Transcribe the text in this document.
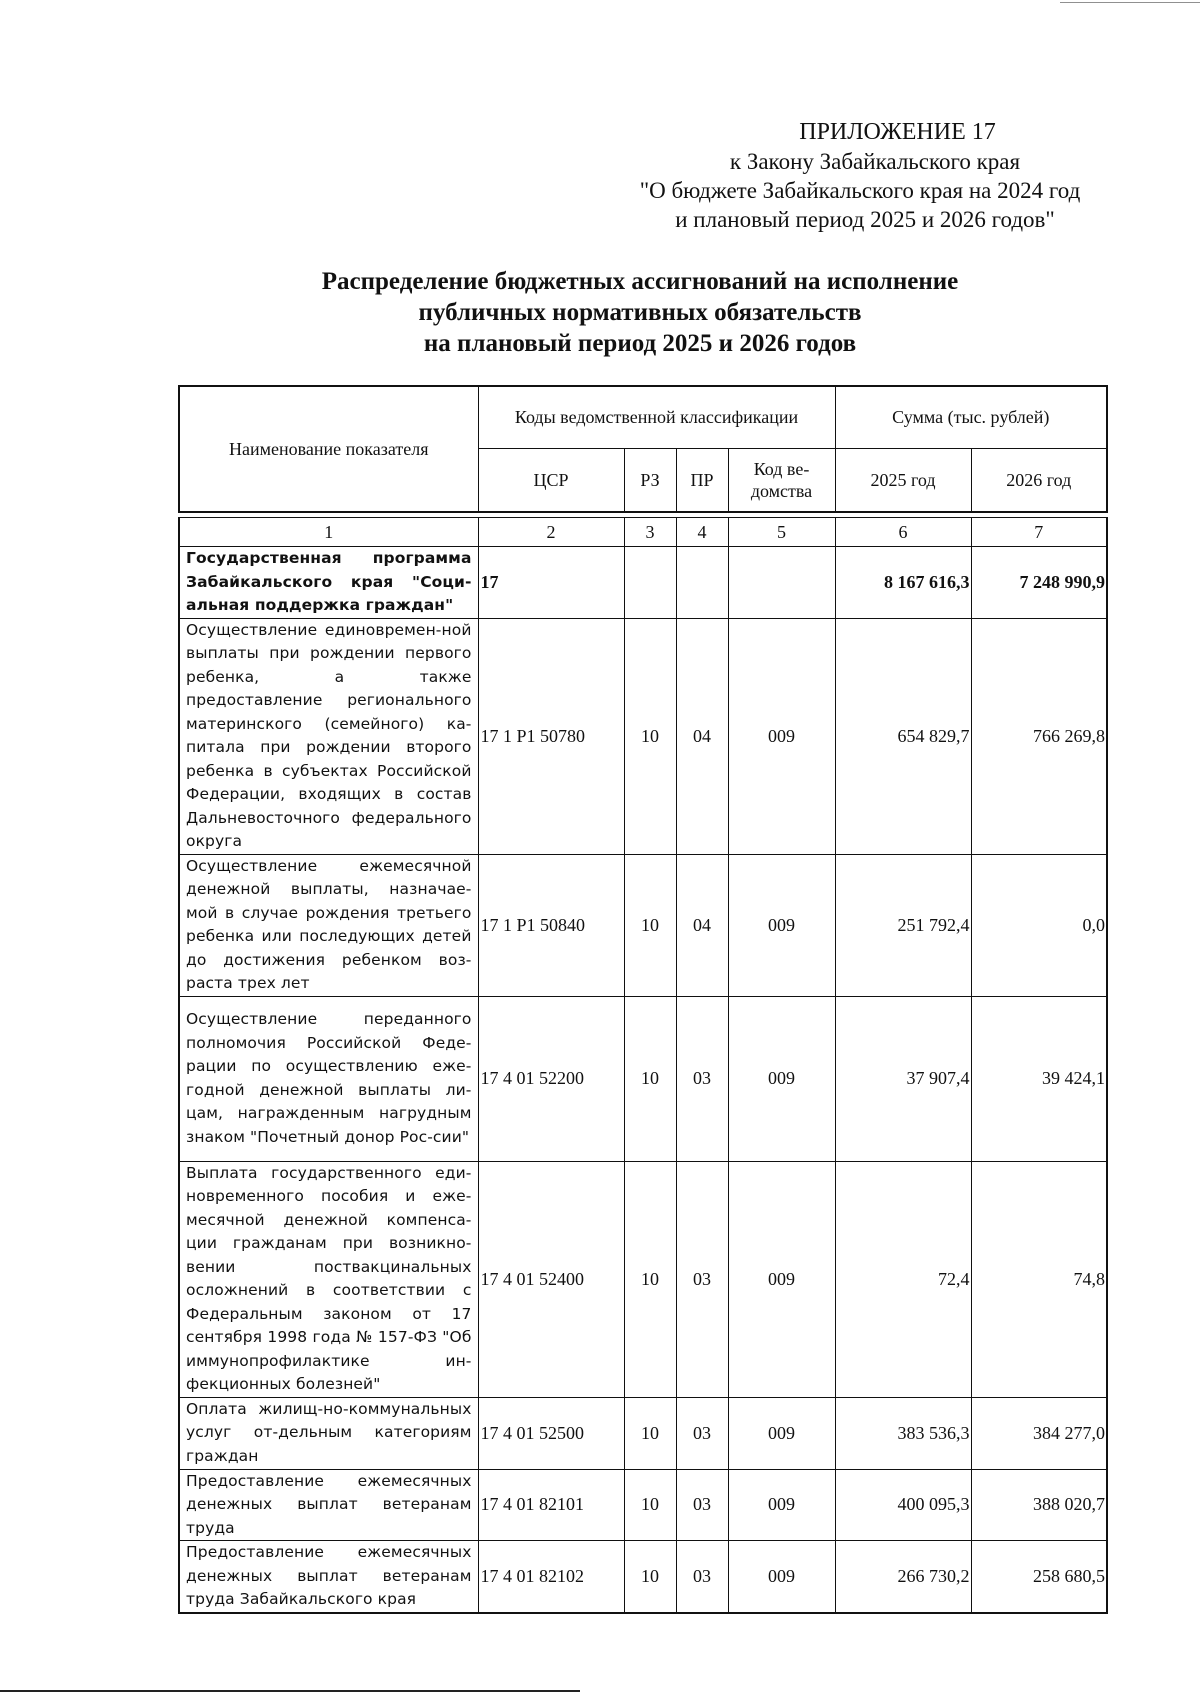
ПРИЛОЖЕНИЕ 17
к Закону Забайкальского края
"О бюджете Забайкальского края на 2024 год
и плановый период 2025 и 2026 годов"
Распределение бюджетных ассигнований на исполнение
публичных нормативных обязательств
на плановый период 2025 и 2026 годов
Наименование показателя	Коды ведомственной классификации				Сумма (тыс. рублей)	
	ЦСР	РЗ	ПР	Код ве-домства	2025 год	2026 год
1	2	3	4	5	6	7
Государственная программа Забайкальского края "Соци-альная поддержка граждан"	17				8 167 616,3	7 248 990,9
Осуществление единовремен-ной выплаты при рождении первого ребенка, а также предоставление регионального материнского (семейного) ка-питала при рождении второго ребенка в субъектах Российской Федерации, входящих в состав Дальневосточного федерального округа	17 1 P1 50780	10	04	009	654 829,7	766 269,8
Осуществление ежемесячной денежной выплаты, назначае-мой в случае рождения третьего ребенка или последующих детей до достижения ребенком воз-раста трех лет	17 1 P1 50840	10	04	009	251 792,4	0,0
Осуществление переданного полномочия Российской Феде-рации по осуществлению еже-годной денежной выплаты ли-цам, награжденным нагрудным знаком "Почетный донор Рос-сии"	17 4 01 52200	10	03	009	37 907,4	39 424,1
Выплата государственного еди-новременного пособия и еже-месячной денежной компенса-ции гражданам при возникно-вении поствакцинальных осложнений в соответствии с Федеральным законом от 17 сентября 1998 года № 157-ФЗ "Об иммунопрофилактике ин-фекционных болезней"	17 4 01 52400	10	03	009	72,4	74,8
Оплата жилищ-но-коммунальных услуг от-дельным категориям граждан	17 4 01 52500	10	03	009	383 536,3	384 277,0
Предоставление ежемесячных денежных выплат ветеранам труда	17 4 01 82101	10	03	009	400 095,3	388 020,7
Предоставление ежемесячных денежных выплат ветеранам труда Забайкальского края	17 4 01 82102	10	03	009	266 730,2	258 680,5
